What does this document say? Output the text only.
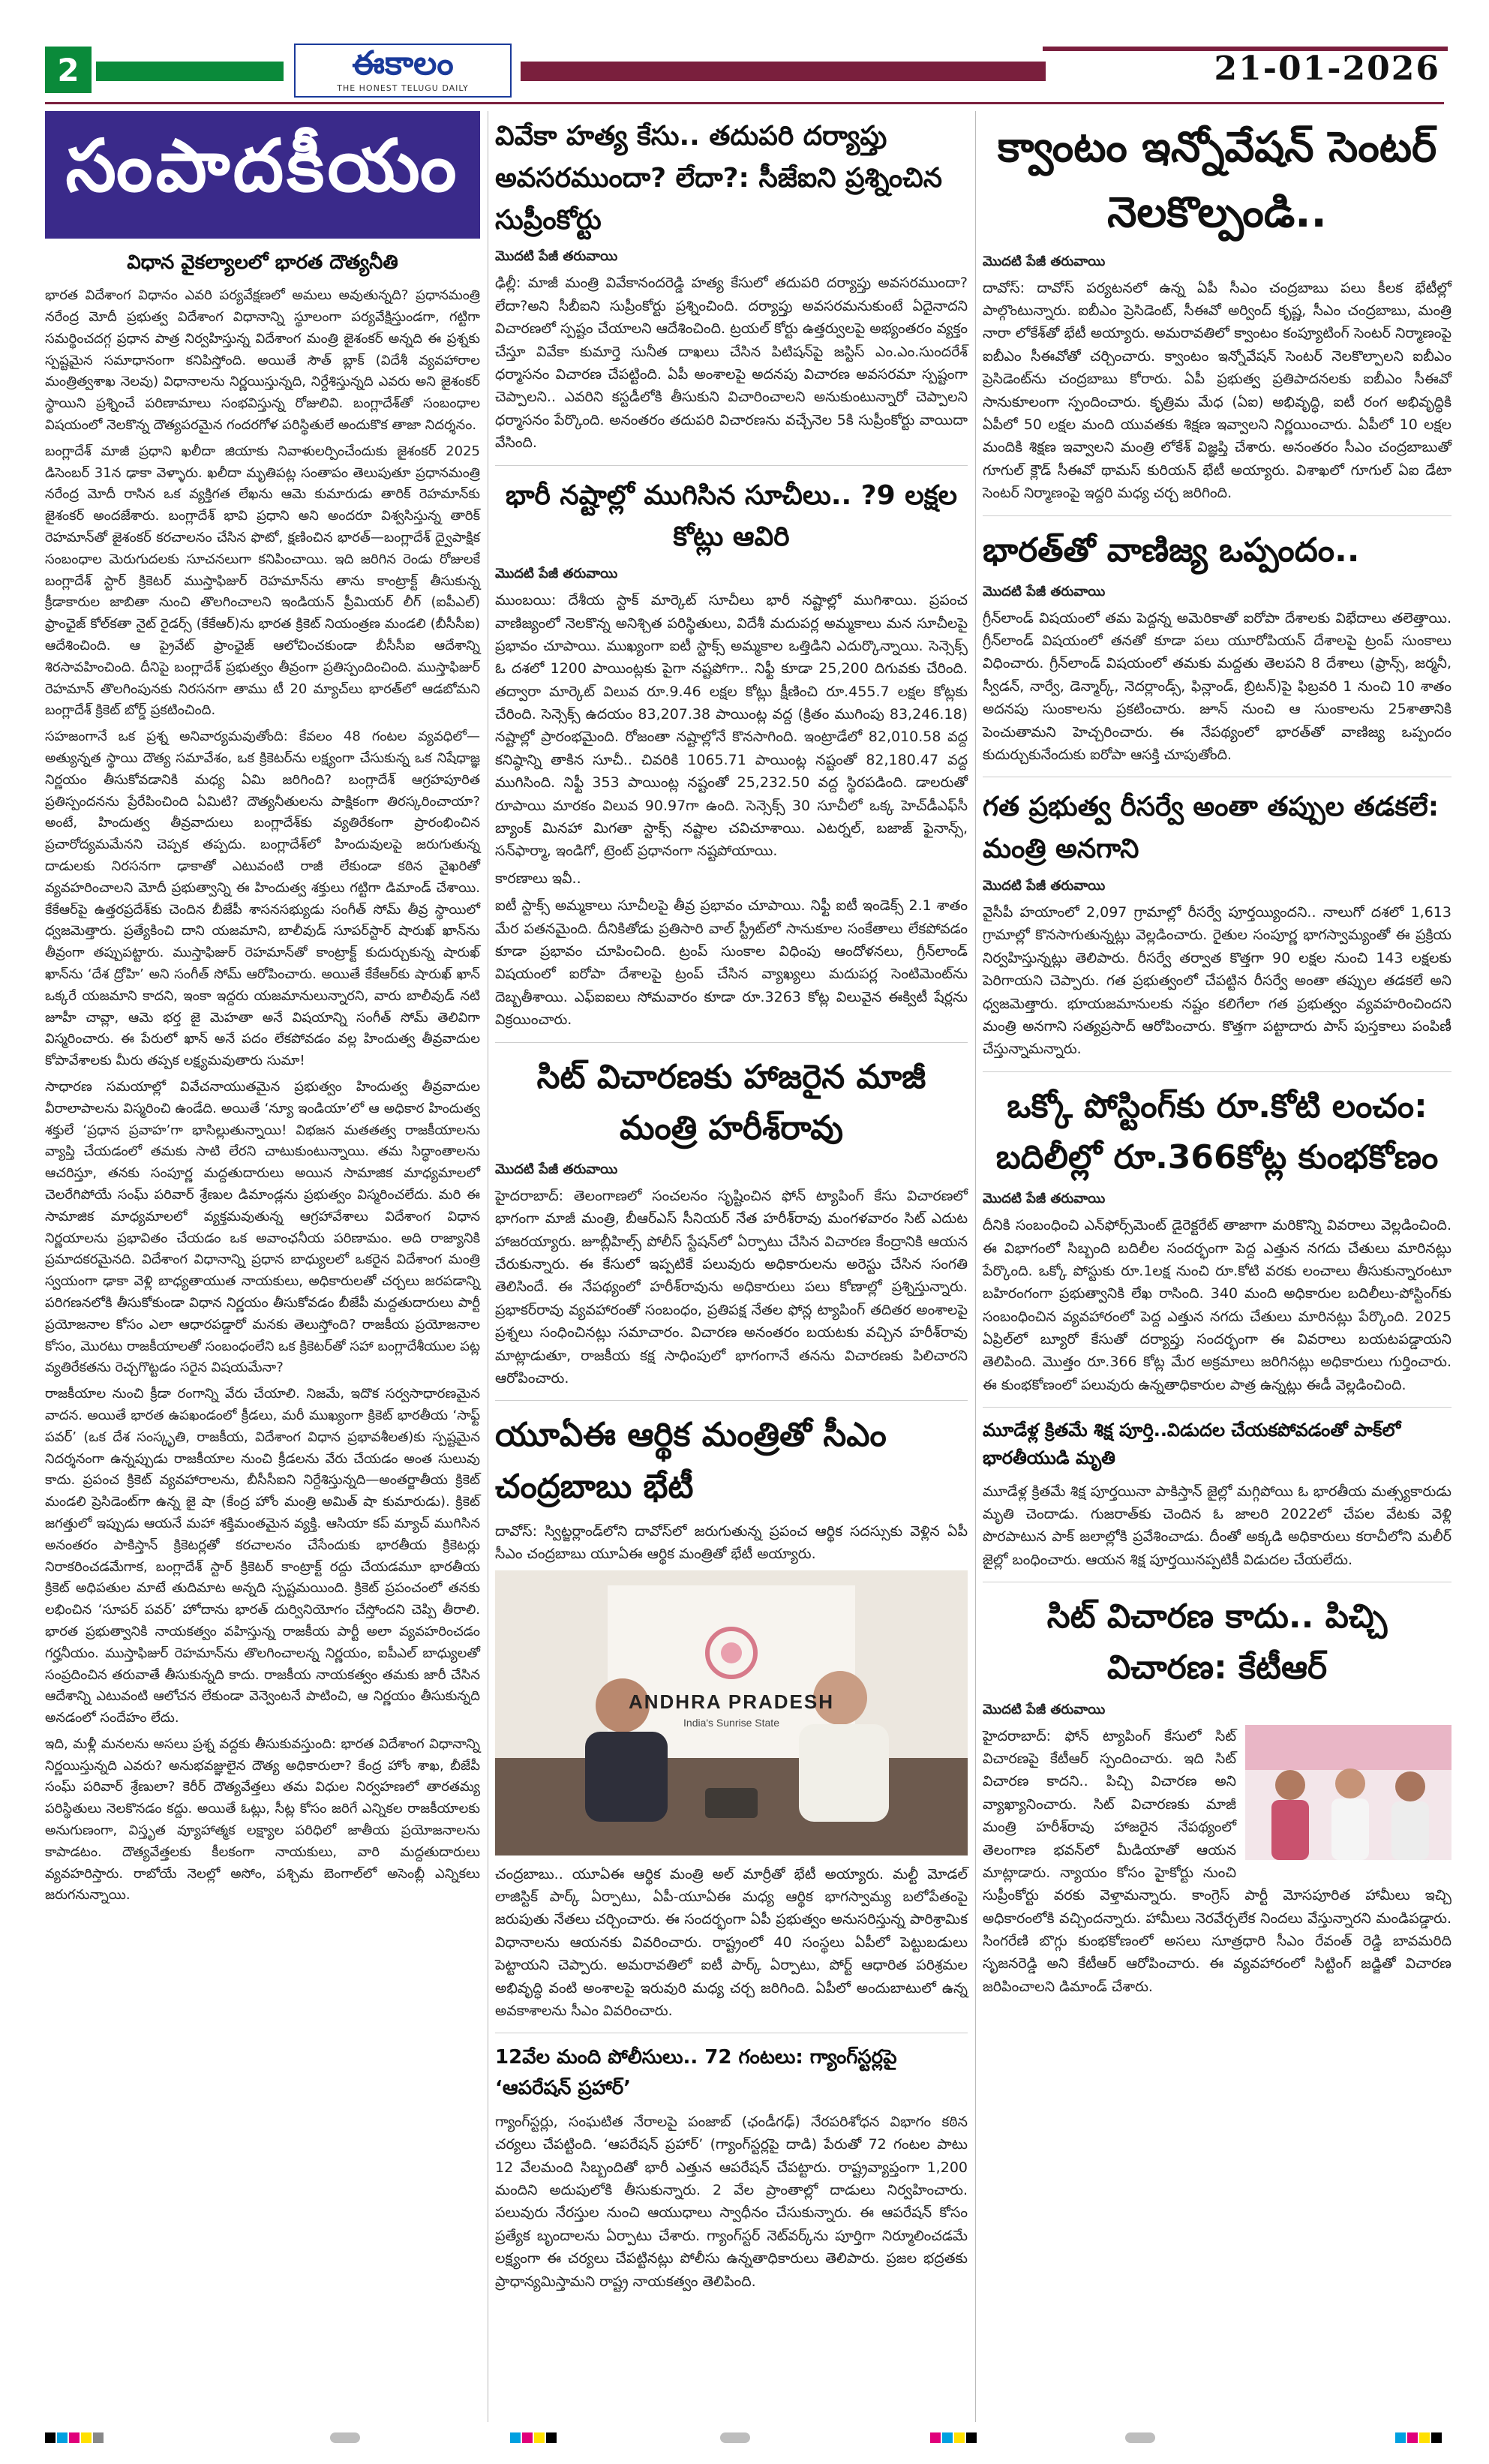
2	ఈకాలం
THE HONEST TELUGU DAILY
21-01-2026
సంపాదకీయం
విధాన వైకల్యాలలో భారత దౌత్యనీతి

భారత విదేశాంగ విధానం ఎవరి పర్యవేక్షణలో అమలు అవుతున్నది? ప్రధానమంత్రి నరేంద్ర మోదీ ప్రభుత్వ విదేశాంగ విధానాన్ని స్థూలంగా పర్యవేక్షిస్తుండగా, గట్టిగా సమర్థించదగ్గ ప్రధాన పాత్ర నిర్వహిస్తున్న విదేశాంగ మంత్రి జైశంకర్ అన్నది ఈ ప్రశ్నకు స్పష్టమైన సమాధానంగా కనిపిస్తోంది. అయితే సౌత్ బ్లాక్ (విదేశీ వ్యవహారాల మంత్రిత్వశాఖ నెలవు) విధానాలను నిర్ణయిస్తున్నది, నిర్దేశిస్తున్నది ఎవరు అని జైశంకర్ స్థాయిని ప్రశ్నించే పరిణామాలు సంభవిస్తున్న రోజులివి. బంగ్లాదేశ్‌తో సంబంధాల విషయంలో నెలకొన్న దౌత్యపరమైన గందరగోళ పరిస్థితులే అందుకొక తాజా నిదర్శనం.

బంగ్లాదేశ్ మాజీ ప్రధాని ఖలీదా జియాకు నివాళులర్పించేందుకు జైశంకర్ 2025 డిసెంబర్ 31న ఢాకా వెళ్ళారు. ఖలీదా మృతిపట్ల సంతాపం తెలుపుతూ ప్రధానమంత్రి నరేంద్ర మోదీ రాసిన ఒక వ్యక్తిగత లేఖను ఆమె కుమారుడు తారిక్ రెహమాన్‌కు జైశంకర్ అందజేశారు. బంగ్లాదేశ్ భావి ప్రధాని అని అందరూ విశ్వసిస్తున్న తారిక్ రెహమాన్‌తో జైశంకర్ కరచాలనం చేసిన ఫొటో, క్షణించిన భారత్—బంగ్లాదేశ్ ద్వైపాక్షిక సంబంధాల మెరుగుదలకు సూచనలుగా కనిపించాయి. ఇది జరిగిన రెండు రోజులకే బంగ్లాదేశ్ స్టార్ క్రికెటర్ ముస్తాఫిజుర్ రెహమాన్‌ను తాను కాంట్రాక్ట్ తీసుకున్న క్రీడాకారుల జాబితా నుంచి తొలగించాలని ఇండియన్ ప్రీమియర్ లీగ్ (ఐపీఎల్) ఫ్రాంఛైజ్ కోల్‌కతా నైట్ రైడర్స్ (కేకేఆర్)ను భారత క్రికెట్ నియంత్రణ మండలి (బీసీసీఐ) ఆదేశించింది. ఆ ప్రైవేట్ ఫ్రాంఛైజ్ ఆలోచించకుండా బీసీసీఐ ఆదేశాన్ని శిరసావహించింది. దీనిపై బంగ్లాదేశ్ ప్రభుత్వం తీవ్రంగా ప్రతిస్పందించింది. ముస్తాఫిజుర్ రెహమాన్ తొలగింపునకు నిరసనగా తాము టీ 20 మ్యాచ్‌లు భారత్‌లో ఆడబోమని బంగ్లాదేశ్ క్రికెట్ బోర్డ్ ప్రకటించింది.

సహజంగానే ఒక ప్రశ్న అనివార్యమవుతోంది: కేవలం 48 గంటల వ్యవధిలో—అత్యున్నత స్థాయి దౌత్య సమావేశం, ఒక క్రికెటర్‌ను లక్ష్యంగా చేసుకున్న ఒక నిషేధాజ్ఞ నిర్ణయం తీసుకోవడానికి మధ్య ఏమి జరిగింది? బంగ్లాదేశ్ ఆగ్రహపూరిత ప్రతిస్పందనను ప్రేరేపించింది ఏమిటి? దౌత్యనీతులను పాక్షికంగా తిరస్కరించాయా? అంటే, హిందుత్వ తీవ్రవాదులు బంగ్లాదేశ్‌కు వ్యతిరేకంగా ప్రారంభించిన ప్రచారోద్యమమేనని చెప్పక తప్పదు. బంగ్లాదేశ్‌లో హిందువులపై జరుగుతున్న దాడులకు నిరసనగా ఢాకాతో ఎటువంటి రాజీ లేకుండా కఠిన వైఖరితో వ్యవహరించాలని మోదీ ప్రభుత్వాన్ని ఈ హిందుత్వ శక్తులు గట్టిగా డిమాండ్ చేశాయి. కేకేఆర్‌పై ఉత్తరప్రదేశ్‌కు చెందిన బీజేపీ శాసనసభ్యుడు సంగీత్ సోమ్ తీవ్ర స్థాయిలో ధ్వజమెత్తారు. ప్రత్యేకించి దాని యజమాని, బాలీవుడ్ సూపర్‌స్టార్ షారుఖ్ ఖాన్‌ను తీవ్రంగా తప్పుపట్టారు. ముస్తాఫిజుర్ రెహమాన్‌తో కాంట్రాక్ట్ కుదుర్చుకున్న షారుఖ్ ఖాన్‌ను ‘దేశ ద్రోహి’ అని సంగీత్ సోమ్ ఆరోపించారు. అయితే కేకేఆర్‌కు షారుఖ్ ఖాన్ ఒక్కరే యజమాని కాదని, ఇంకా ఇద్దరు యజమానులున్నారని, వారు బాలీవుడ్ నటి జూహీ చావ్లా, ఆమె భర్త జై మెహతా అనే విషయాన్ని సంగీత్ సోమ్ తెలివిగా విస్మరించారు. ఈ పేరులో ఖాన్ అనే పదం లేకపోవడం వల్ల హిందుత్వ తీవ్రవాదుల కోపావేశాలకు మీరు తప్పక లక్ష్యమవుతారు సుమా!

సాధారణ సమయాల్లో వివేచనాయుతమైన ప్రభుత్వం హిందుత్వ తీవ్రవాదుల వీరాలాపాలను విస్మరించి ఉండేది. అయితే ‘న్యూ ఇండియా’లో ఆ అధికార హిందుత్వ శక్తులే ‘ప్రధాన ప్రవాహ’గా భాసిల్లుతున్నాయి! విభజన మతతత్వ రాజకీయాలను వ్యాప్తి చేయడంలో తమకు సాటి లేరని చాటుకుంటున్నాయి. తమ సిద్ధాంతాలను ఆచరిస్తూ, తనకు సంపూర్ణ మద్దతుదారులు అయిన సామాజిక మాధ్యమాలలో చెలరేగిపోయే సంఘ్ పరివార్ శ్రేణుల డిమాండ్లను ప్రభుత్వం విస్మరించలేదు. మరి ఈ సామాజిక మాధ్యమాలలో వ్యక్తమవుతున్న ఆగ్రహావేశాలు విదేశాంగ విధాన నిర్ణయాలను ప్రభావితం చేయడం ఒక అవాంఛనీయ పరిణామం. అది రాజ్యానికి ప్రమాదకరమైనది. విదేశాంగ విధానాన్ని ప్రధాన బాధ్యులలో ఒకరైన విదేశాంగ మంత్రి స్వయంగా ఢాకా వెళ్లి బాధ్యతాయుత నాయకులు, అధికారులతో చర్చలు జరపడాన్ని పరిగణనలోకి తీసుకోకుండా విధాన నిర్ణయం తీసుకోవడం బీజేపీ మద్దతుదారులు పార్టీ ప్రయోజనాల కోసం ఎలా ఆధారపడ్డారో మనకు తెలుస్తోంది? రాజకీయ ప్రయోజనాల కోసం, మొరటు రాజకీయాలతో సంబంధంలేని ఒక క్రికెటర్‌తో సహా బంగ్లాదేశీయుల పట్ల వ్యతిరేకతను రెచ్చగొట్టడం సరైన విషయమేనా?

రాజకీయాల నుంచి క్రీడా రంగాన్ని వేరు చేయాలి. నిజమే, ఇదొక సర్వసాధారణమైన వాదన. అయితే భారత ఉపఖండంలో క్రీడలు, మరీ ముఖ్యంగా క్రికెట్ భారతీయ ‘సాఫ్ట్ పవర్’ (ఒక దేశ సంస్కృతి, రాజకీయ, విదేశాంగ విధాన ప్రభావశీలత)కు స్పష్టమైన నిదర్శనంగా ఉన్నప్పుడు రాజకీయాల నుంచి క్రీడలను వేరు చేయడం అంత సులువు కాదు. ప్రపంచ క్రికెట్ వ్యవహారాలను, బీసీసీఐని నిర్దేశిస్తున్నది—అంతర్జాతీయ క్రికెట్ మండలి ప్రెసిడెంట్‌గా ఉన్న జై షా (కేంద్ర హోం మంత్రి అమిత్ షా కుమారుడు). క్రికెట్ జగత్తులో ఇప్పుడు ఆయనే మహా శక్తిమంతమైన వ్యక్తి. ఆసియా కప్ మ్యాచ్ ముగిసిన అనంతరం పాకిస్తాన్ క్రికెటర్లతో కరచాలనం చేసేందుకు భారతీయ క్రికెటర్లు నిరాకరించడమేగాక, బంగ్లాదేశ్ స్టార్ క్రికెటర్ కాంట్రాక్ట్ రద్దు చేయడమూ భారతీయ క్రికెట్ అధిపతుల మాటే తుదిమాట అన్నది స్పష్టమయింది. క్రికెట్ ప్రపంచంలో తనకు లభించిన ‘సూపర్ పవర్’ హోదాను భారత్ దుర్వినియోగం చేస్తోందని చెప్పి తీరాలి. భారత ప్రభుత్వానికి నాయకత్వం వహిస్తున్న రాజకీయ పార్టీ అలా వ్యవహరించడం గర్హనీయం. ముస్తాఫిజుర్ రెహమాన్‌ను తొలగించాలన్న నిర్ణయం, ఐపీఎల్ బాధ్యులతో సంప్రదించిన తరువాతే తీసుకున్నది కాదు. రాజకీయ నాయకత్వం తమకు జారీ చేసిన ఆదేశాన్ని ఎటువంటి ఆలోచన లేకుండా వెన్వెంటనే పాటించి, ఆ నిర్ణయం తీసుకున్నది అనడంలో సందేహం లేదు.

ఇది, మళ్లీ మనలను అసలు ప్రశ్న వద్దకు తీసుకువస్తుంది: భారత విదేశాంగ విధానాన్ని నిర్ణయిస్తున్నది ఎవరు? అనుభవజ్ఞులైన దౌత్య అధికారులా? కేంద్ర హోం శాఖ, బీజేపీ సంఘ్ పరివార్ శ్రేణులా? కెరీర్ దౌత్యవేత్తలు తమ విధుల నిర్వహణలో తారతమ్య పరిస్థితులు నెలకొనడం కద్దు. అయితే ఓట్లు, సీట్ల కోసం జరిగే ఎన్నికల రాజకీయాలకు అనుగుణంగా, విస్తృత వ్యూహాత్మక లక్ష్యాల పరిధిలో జాతీయ ప్రయోజనాలను కాపాడటం. దౌత్యవేత్తలకు కీలకంగా నాయకులు, వారి మద్దతుదారులు వ్యవహరిస్తారు. రాబోయే నెలల్లో అసోం, పశ్చిమ బెంగాల్‌లో అసెంబ్లీ ఎన్నికలు జరుగనున్నాయి.

వివేకా హత్య కేసు.. తదుపరి దర్యాప్తు అవసరముందా? లేదా?: సీజేఐని ప్రశ్నించిన సుప్రీంకోర్టు
మొదటి పేజీ తరువాయి

ఢిల్లీ: మాజీ మంత్రి వివేకానందరెడ్డి హత్య కేసులో తదుపరి దర్యాప్తు అవసరముందా?లేదా?అని సీబీఐని సుప్రీంకోర్టు ప్రశ్నించింది. దర్యాప్తు అవసరమనుకుంటే ఏదైనాదని విచారణలో స్పష్టం చేయాలని ఆదేశించింది. ట్రయల్ కోర్టు ఉత్తర్వులపై అభ్యంతరం వ్యక్తం చేస్తూ వివేకా కుమార్తె సునీత దాఖలు చేసిన పిటిషన్‌పై జస్టిస్ ఎం.ఎం.సుందరేశ్ ధర్మాసనం విచారణ చేపట్టింది. ఏపీ అంశాలపై అదనపు విచారణ అవసరమా స్పష్టంగా చెప్పాలని.. ఎవరిని కస్టడీలోకి తీసుకుని విచారించాలని అనుకుంటున్నారో చెప్పాలని ధర్మాసనం పేర్కొంది. అనంతరం తదుపరి విచారణను వచ్చేనెల 5కి సుప్రీంకోర్టు వాయిదా వేసింది.

భారీ నష్టాల్లో ముగిసిన సూచీలు.. ?9 లక్షల కోట్లు ఆవిరి
మొదటి పేజీ తరువాయి

ముంబయి: దేశీయ స్టాక్ మార్కెట్ సూచీలు భారీ నష్టాల్లో ముగిశాయి. ప్రపంచ వాణిజ్యంలో నెలకొన్న అనిశ్చిత పరిస్థితులు, విదేశీ మదుపర్ల అమ్మకాలు మన సూచీలపై ప్రభావం చూపాయి. ముఖ్యంగా ఐటీ స్టాక్స్ అమ్మకాల ఒత్తిడిని ఎదుర్కొన్నాయి. సెన్సెక్స్ ఓ దశలో 1200 పాయింట్లకు పైగా నష్టపోగా.. నిఫ్టీ కూడా 25,200 దిగువకు చేరింది. తద్వారా మార్కెట్ విలువ రూ.9.46 లక్షల కోట్లు క్షీణించి రూ.455.7 లక్షల కోట్లకు చేరింది. సెన్సెక్స్ ఉదయం 83,207.38 పాయింట్ల వద్ద (క్రితం ముగింపు 83,246.18) నష్టాల్లో ప్రారంభమైంది. రోజంతా నష్టాల్లోనే కొనసాగింది. ఇంట్రాడేలో 82,010.58 వద్ద కనిష్ఠాన్ని తాకిన సూచీ.. చివరికి 1065.71 పాయింట్ల నష్టంతో 82,180.47 వద్ద ముగిసింది. నిఫ్టీ 353 పాయింట్ల నష్టంతో 25,232.50 వద్ద స్థిరపడింది. డాలరుతో రూపాయి మారకం విలువ 90.97గా ఉంది. సెన్సెక్స్ 30 సూచీలో ఒక్క హెచ్‌డీఎఫ్‌సీ బ్యాంక్ మినహా మిగతా స్టాక్స్ నష్టాల చవిచూశాయి. ఎటర్నల్, బజాజ్ ఫైనాన్స్, సన్‌ఫార్మా, ఇండిగో, ట్రెంట్ ప్రధానంగా నష్టపోయాయి.

కారణాలు ఇవీ..

ఐటీ స్టాక్స్ అమ్మకాలు సూచీలపై తీవ్ర ప్రభావం చూపాయి. నిఫ్టీ ఐటీ ఇండెక్స్ 2.1 శాతం మేర పతనమైంది. దీనికితోడు ప్రతిసారి వాల్ స్ట్రీట్‌లో సానుకూల సంకేతాలు లేకపోవడం కూడా ప్రభావం చూపించింది. ట్రంప్ సుంకాల విధింపు ఆందోళనలు, గ్రీన్‌లాండ్ విషయంలో ఐరోపా దేశాలపై ట్రంప్ చేసిన వ్యాఖ్యలు మదుపర్ల సెంటిమెంట్‌ను దెబ్బతీశాయి. ఎఫ్‌ఐఐలు సోమవారం కూడా రూ.3263 కోట్ల విలువైన ఈక్విటీ షేర్లను విక్రయించారు.

సిట్ విచారణకు హాజరైన మాజీ మంత్రి హరీశ్‌రావు
మొదటి పేజీ తరువాయి

హైదరాబాద్: తెలంగాణలో సంచలనం సృష్టించిన ఫోన్ ట్యాపింగ్ కేసు విచారణలో భాగంగా మాజీ మంత్రి, బీఆర్ఎస్ సీనియర్ నేత హరీశ్‌రావు మంగళవారం సిట్ ఎదుట హాజరయ్యారు. జూబ్లీహిల్స్ పోలీస్ స్టేషన్‌లో ఏర్పాటు చేసిన విచారణ కేంద్రానికి ఆయన చేరుకున్నారు. ఈ కేసులో ఇప్పటికే పలువురు అధికారులను అరెస్టు చేసిన సంగతి తెలిసిందే. ఈ నేపథ్యంలో హరీశ్‌రావును అధికారులు పలు కోణాల్లో ప్రశ్నిస్తున్నారు. ప్రభాకర్‌రావు వ్యవహారంతో సంబంధం, ప్రతిపక్ష నేతల ఫోన్ల ట్యాపింగ్ తదితర అంశాలపై ప్రశ్నలు సంధించినట్లు సమాచారం. విచారణ అనంతరం బయటకు వచ్చిన హరీశ్‌రావు మాట్లాడుతూ, రాజకీయ కక్ష సాధింపులో భాగంగానే తనను విచారణకు పిలిచారని ఆరోపించారు.

యూఏఈ ఆర్థిక మంత్రితో సీఎం చంద్రబాబు భేటీ

దావోస్: స్విట్జర్లాండ్‌లోని దావోస్‌లో జరుగుతున్న ప్రపంచ ఆర్థిక సదస్సుకు వెళ్లిన ఏపీ సీఎం చంద్రబాబు యూఏఈ ఆర్థిక మంత్రితో భేటీ అయ్యారు.

ANDHRA PRADESH
India's Sunrise State

చంద్రబాబు.. యూఏఈ ఆర్థిక మంత్రి అల్ మార్రీతో భేటీ అయ్యారు. మల్టీ మోడల్ లాజిస్టిక్ పార్క్ ఏర్పాటు, ఏపీ-యూఏఈ మధ్య ఆర్థిక భాగస్వామ్య బలోపేతంపై జరుపుతు నేతలు చర్చించారు. ఈ సందర్భంగా ఏపీ ప్రభుత్వం అనుసరిస్తున్న పారిశ్రామిక విధానాలను ఆయనకు వివరించారు. రాష్ట్రంలో 40 సంస్థలు ఏపీలో పెట్టుబడులు పెట్టాయని చెప్పారు. అమరావతిలో ఐటీ పార్క్ ఏర్పాటు, పోర్ట్‌ ఆధారిత పరిశ్రమల అభివృద్ధి వంటి అంశాలపై ఇరువురి మధ్య చర్చ జరిగింది. ఏపీలో అందుబాటులో ఉన్న అవకాశాలను సీఎం వివరించారు.

12వేల మంది పోలీసులు.. 72 గంటలు: గ్యాంగ్‌స్టర్లపై ‘ఆపరేషన్ ప్రహార్’

గ్యాంగ్‌స్టర్లు, సంఘటిత నేరాలపై పంజాబ్ (ఛండీగఢ్) నేరపరిశోధన విభాగం కఠిన చర్యలు చేపట్టింది. ‘ఆపరేషన్ ప్రహార్’ (గ్యాంగ్‌స్టర్లపై దాడి) పేరుతో 72 గంటల పాటు 12 వేలమంది సిబ్బందితో భారీ ఎత్తున ఆపరేషన్ చేపట్టారు. రాష్ట్రవ్యాప్తంగా 1,200 మందిని అదుపులోకి తీసుకున్నారు. 2 వేల ప్రాంతాల్లో దాడులు నిర్వహించారు. పలువురు నేరస్తుల నుంచి ఆయుధాలు స్వాధీనం చేసుకున్నారు. ఈ ఆపరేషన్ కోసం ప్రత్యేక బృందాలను ఏర్పాటు చేశారు. గ్యాంగ్‌స్టర్ నెట్‌వర్క్‌ను పూర్తిగా నిర్మూలించడమే లక్ష్యంగా ఈ చర్యలు చేపట్టినట్లు పోలీసు ఉన్నతాధికారులు తెలిపారు. ప్రజల భద్రతకు ప్రాధాన్యమిస్తామని రాష్ట్ర నాయకత్వం తెలిపింది.

క్వాంటం ఇన్నోవేషన్ సెంటర్ నెలకొల్పండి..
మొదటి పేజీ తరువాయి

దావోస్: దావోస్ పర్యటనలో ఉన్న ఏపీ సీఎం చంద్రబాబు పలు కీలక భేటీల్లో పాల్గొంటున్నారు. ఐబీఎం ప్రెసిడెంట్, సీఈవో అర్వింద్ కృష్ణ, సీఎం చంద్రబాబు, మంత్రి నారా లోకేశ్‌తో భేటీ అయ్యారు. అమరావతిలో క్వాంటం కంప్యూటింగ్ సెంటర్ నిర్మాణంపై ఐబీఎం సీఈవోతో చర్చించారు. క్వాంటం ఇన్నోవేషన్ సెంటర్ నెలకొల్పాలని ఐబీఎం ప్రెసిడెంట్‌ను చంద్రబాబు కోరారు. ఏపీ ప్రభుత్వ ప్రతిపాదనలకు ఐబీఎం సీఈవో సానుకూలంగా స్పందించారు. కృత్రిమ మేధ (ఏఐ) అభివృద్ధి, ఐటీ రంగ అభివృద్ధికి ఏపీలో 50 లక్షల మంది యువతకు శిక్షణ ఇవ్వాలని నిర్ణయించారు. ఏపీలో 10 లక్షల మందికి శిక్షణ ఇవ్వాలని మంత్రి లోకేశ్ విజ్ఞప్తి చేశారు. అనంతరం సీఎం చంద్రబాబుతో గూగుల్ క్లౌడ్ సీఈవో థామస్ కురియన్ భేటీ అయ్యారు. విశాఖలో గూగుల్ ఏఐ డేటా సెంటర్ నిర్మాణంపై ఇద్దరి మధ్య చర్చ జరిగింది.

భారత్‌తో వాణిజ్య ఒప్పందం..
మొదటి పేజీ తరువాయి

గ్రీన్‌లాండ్ విషయంలో తమ పెద్దన్న అమెరికాతో ఐరోపా దేశాలకు విభేదాలు తలెత్తాయి. గ్రీన్‌లాండ్ విషయంలో తనతో కూడా పలు యూరోపియన్ దేశాలపై ట్రంప్ సుంకాలు విధించారు. గ్రీన్‌లాండ్ విషయంలో తమకు మద్దతు తెలపని 8 దేశాలు (ఫ్రాన్స్, జర్మనీ, స్వీడన్, నార్వే, డెన్మార్క్, నెదర్లాండ్స్, ఫిన్లాండ్, బ్రిటన్)పై ఫిబ్రవరి 1 నుంచి 10 శాతం అదనపు సుంకాలను ప్రకటించారు. జూన్ నుంచి ఆ సుంకాలను 25శాతానికి పెంచుతామని హెచ్చరించారు. ఈ నేపథ్యంలో భారత్‌తో వాణిజ్య ఒప్పందం కుదుర్చుకునేందుకు ఐరోపా ఆసక్తి చూపుతోంది.

గత ప్రభుత్వ రీసర్వే అంతా తప్పుల తడకలే: మంత్రి అనగాని
మొదటి పేజీ తరువాయి

వైసీపీ హయాంలో 2,097 గ్రామాల్లో రీసర్వే పూర్తయ్యిందని.. నాలుగో దశలో 1,613 గ్రామాల్లో కొనసాగుతున్నట్లు వెల్లడించారు. రైతుల సంపూర్ణ భాగస్వామ్యంతో ఈ ప్రక్రియ నిర్వహిస్తున్నట్లు తెలిపారు. రీసర్వే తర్వాత కొత్తగా 90 లక్షల నుంచి 143 లక్షలకు పెరిగాయని చెప్పారు. గత ప్రభుత్వంలో చేపట్టిన రీసర్వే అంతా తప్పుల తడకలే అని ధ్వజమెత్తారు. భూయజమానులకు నష్టం కలిగేలా గత ప్రభుత్వం వ్యవహరించిందని మంత్రి అనగాని సత్యప్రసాద్ ఆరోపించారు. కొత్తగా పట్టాదారు పాస్ పుస్తకాలు పంపిణీ చేస్తున్నామన్నారు.

ఒక్కో పోస్టింగ్‌కు రూ.కోటి లంచం: బదిలీల్లో రూ.366కోట్ల కుంభకోణం
మొదటి పేజీ తరువాయి

దీనికి సంబంధించి ఎన్‌ఫోర్స్‌మెంట్ డైరెక్టరేట్ తాజాగా మరికొన్ని వివరాలు వెల్లడించింది. ఈ విభాగంలో సిబ్బంది బదిలీల సందర్భంగా పెద్ద ఎత్తున నగదు చేతులు మారినట్లు పేర్కొంది. ఒక్కో పోస్టుకు రూ.1లక్ష నుంచి రూ.కోటి వరకు లంచాలు తీసుకున్నారంటూ బహిరంగంగా ప్రభుత్వానికి లేఖ రాసింది. 340 మంది అధికారుల బదిలీలు-పోస్టింగ్‌కు సంబంధించిన వ్యవహారంలో పెద్ద ఎత్తున నగదు చేతులు మారినట్లు పేర్కొంది. 2025 ఏప్రిల్‌లో బ్యూరో కేసుతో దర్యాప్తు సందర్భంగా ఈ వివరాలు బయటపడ్డాయని తెలిపింది. మొత్తం రూ.366 కోట్ల మేర అక్రమాలు జరిగినట్లు అధికారులు గుర్తించారు. ఈ కుంభకోణంలో పలువురు ఉన్నతాధికారుల పాత్ర ఉన్నట్లు ఈడీ వెల్లడించింది.

మూడేళ్ల క్రితమే శిక్ష పూర్తి..విడుదల చేయకపోవడంతో పాక్‌లో భారతీయుడి మృతి

మూడేళ్ల క్రితమే శిక్ష పూర్తయినా పాకిస్తాన్ జైల్లో మగ్గిపోయి ఓ భారతీయ మత్స్యకారుడు మృతి చెందాడు. గుజరాత్‌కు చెందిన ఓ జాలరి 2022లో చేపల వేటకు వెళ్లి పొరపాటున పాక్ జలాల్లోకి ప్రవేశించాడు. దీంతో అక్కడి అధికారులు కరాచీలోని మలీర్ జైల్లో బంధించారు. ఆయన శిక్ష పూర్తయినప్పటికీ విడుదల చేయలేదు.

సిట్ విచారణ కాదు.. పిచ్చి విచారణ: కేటీఆర్
మొదటి పేజీ తరువాయి

హైదరాబాద్: ఫోన్ ట్యాపింగ్ కేసులో సిట్ విచారణపై కేటీఆర్ స్పందించారు. ఇది సిట్ విచారణ కాదని.. పిచ్చి విచారణ అని వ్యాఖ్యానించారు. సిట్ విచారణకు మాజీ మంత్రి హరీశ్‌రావు హాజరైన నేపథ్యంలో తెలంగాణ భవన్‌లో మీడియాతో ఆయన మాట్లాడారు. న్యాయం కోసం హైకోర్టు నుంచి సుప్రీంకోర్టు వరకు వెళ్తామన్నారు. కాంగ్రెస్ పార్టీ మోసపూరిత హామీలు ఇచ్చి అధికారంలోకి వచ్చిందన్నారు. హామీలు నెరవేర్చలేక నిందలు వేస్తున్నారని మండిపడ్డారు. సింగరేణి బొగ్గు కుంభకోణంలో అసలు సూత్రధారి సీఎం రేవంత్ రెడ్డి బావమరిది సృజనరెడ్డి అని కేటీఆర్ ఆరోపించారు. ఈ వ్యవహారంలో సిట్టింగ్ జడ్జితో విచారణ జరిపించాలని డిమాండ్ చేశారు.
